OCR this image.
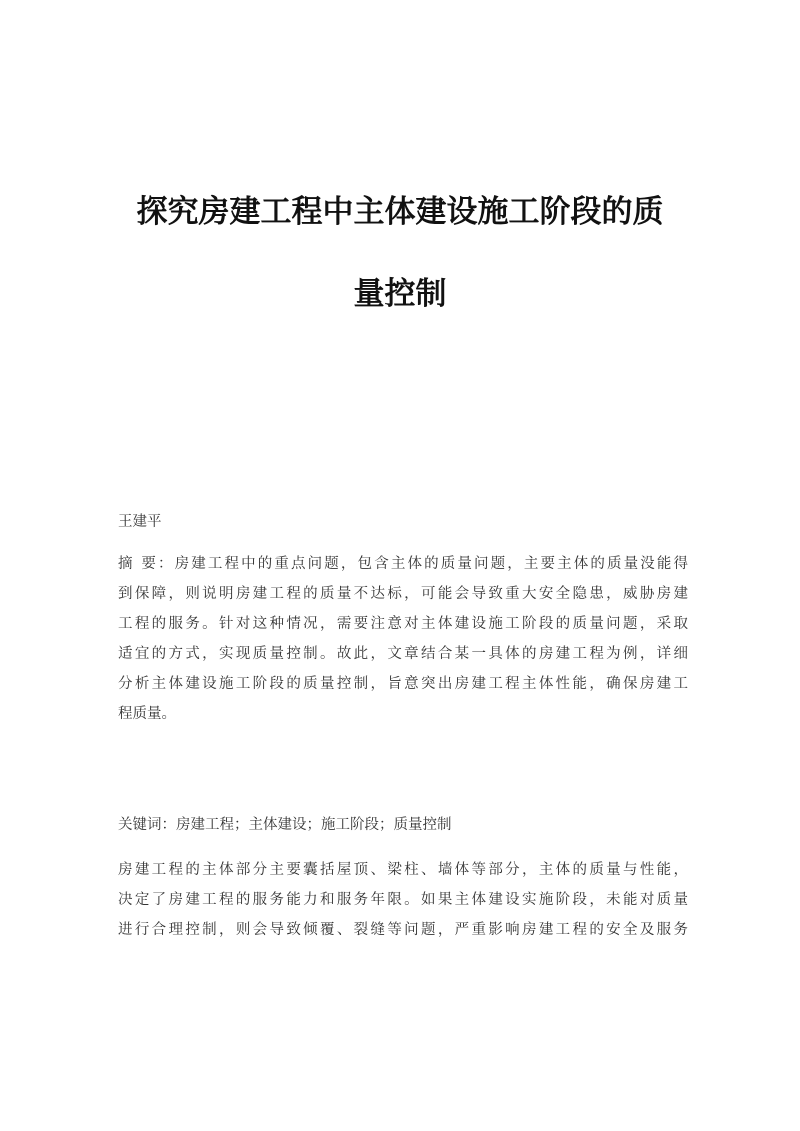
探究房建工程中主体建设施工阶段的质
量控制
王建平
摘 要：房建工程中的重点问题，包含主体的质量问题，主要主体的质量没能得
到保障，则说明房建工程的质量不达标，可能会导致重大安全隐患，威胁房建
工程的服务。针对这种情况，需要注意对主体建设施工阶段的质量问题，采取
适宜的方式，实现质量控制。故此，文章结合某一具体的房建工程为例，详细
分析主体建设施工阶段的质量控制，旨意突出房建工程主体性能，确保房建工
程质量。
关键词：房建工程；主体建设；施工阶段；质量控制
房建工程的主体部分主要囊括屋顶、梁柱、墙体等部分，主体的质量与性能，
决定了房建工程的服务能力和服务年限。如果主体建设实施阶段，未能对质量
进行合理控制，则会导致倾覆、裂缝等问题，严重影响房建工程的安全及服务
